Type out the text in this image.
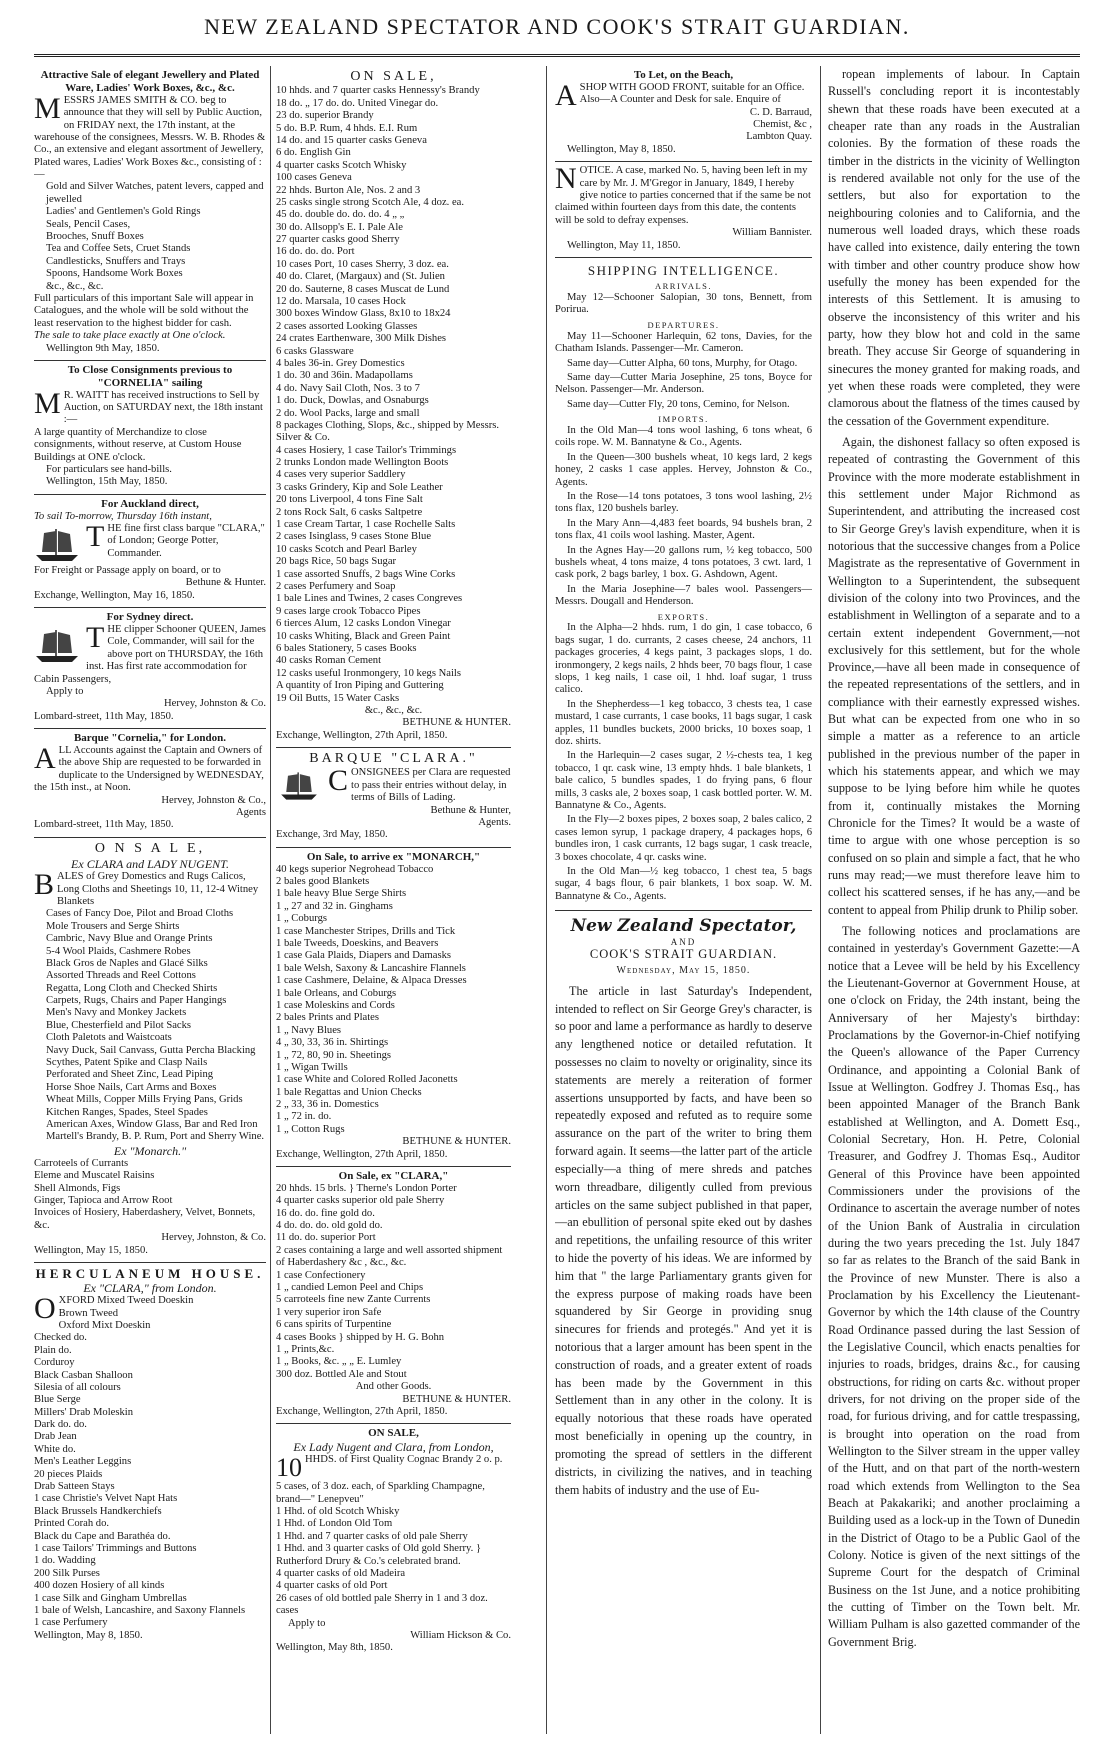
NEW ZEALAND SPECTATOR AND COOK'S STRAIT GUARDIAN.
Attractive Sale of elegant Jewellery and Plated Ware, Ladies' Work Boxes, &c., &c.
MESSRS JAMES SMITH & CO. beg to announce that they will sell by Public Auction, on FRIDAY next, the 17th instant, at the warehouse of the consignees, Messrs. W. B. Rhodes & Co., an extensive and elegant assortment of Jewellery, Plated wares, Ladies' Work Boxes &c., consisting of :—
Gold and Silver Watches, patent levers, capped and jewelled
Ladies' and Gentlemen's Gold Rings
Seals, Pencil Cases,
Brooches, Snuff Boxes
Tea and Coffee Sets, Cruet Stands
Candlesticks, Snuffers and Trays
Spoons, Handsome Work Boxes
&c., &c., &c.
Full particulars of this important Sale will appear in Catalogues, and the whole will be sold without the least reservation to the highest bidder for cash.
The sale to take place exactly at One o'clock.
Wellington 9th May, 1850.
To Close Consignments previous to "CORNELIA" sailing
M R. WAITT has received instructions to Sell by Auction, on SATURDAY next, the 18th instant :—
A large quantity of Merchandize to close consignments, without reserve, at Custom House Buildings at ONE o'clock.
For particulars see hand-bills.
Wellington, 15th May, 1850.
For Auckland direct,
To sail To-morrow, Thursday 16th instant,
THE fine first class barque "CLARA," of London; George Potter, Commander.
For Freight or Passage apply on board, or to
Bethune & Hunter.
Exchange, Wellington, May 16, 1850.
For Sydney direct.
THE clipper Schooner QUEEN, James Cole, Commander, will sail for the above port on THURSDAY, the 16th inst. Has first rate accommodation for Cabin Passengers,
Apply to
Hervey, Johnston & Co.
Lombard-street, 11th May, 1850.
Barque "Cornelia," for London.
ALL Accounts against the Captain and Owners of the above Ship are requested to be forwarded in duplicate to the Undersigned by WEDNESDAY, the 15th inst., at Noon.
Hervey, Johnston & Co.,
Agents
Lombard-street, 11th May, 1850.
O N S A L E,
Ex CLARA and LADY NUGENT.
BALES of Grey Domestics and Rugs Calicos, Long Cloths and Sheetings 10, 11, 12-4 Witney Blankets
Cases of Fancy Doe, Pilot and Broad Cloths
Mole Trousers and Serge Shirts
Cambric, Navy Blue and Orange Prints
5-4 Wool Plaids, Cashmere Robes
Black Gros de Naples and Glacé Silks
Assorted Threads and Reel Cottons
Regatta, Long Cloth and Checked Shirts
Carpets, Rugs, Chairs and Paper Hangings
Men's Navy and Monkey Jackets
Blue, Chesterfield and Pilot Sacks
Cloth Paletots and Waistcoats
Navy Duck, Sail Canvass, Gutta Percha Blacking
Scythes, Patent Spike and Clasp Nails
Perforated and Sheet Zinc, Lead Piping
Horse Shoe Nails, Cart Arms and Boxes
Wheat Mills, Copper Mills Frying Pans, Grids
Kitchen Ranges, Spades, Steel Spades
American Axes, Window Glass, Bar and Red Iron
Martell's Brandy, B. P. Rum, Port and Sherry Wine.
Ex "Monarch."
Carroteels of Currants
Eleme and Muscatel Raisins
Shell Almonds, Figs
Ginger, Tapioca and Arrow Root
Invoices of Hosiery, Haberdashery, Velvet, Bonnets, &c.
Hervey, Johnston, & Co.
Wellington, May 15, 1850.
HERCULANEUM HOUSE.
Ex "CLARA," from London.
O XFORD Mixed Tweed Doeskin
Brown Tweed
Oxford Mixt Doeskin
Checked do.
Plain do.
Corduroy
Black Casban Shalloon
Silesia of all colours
Blue Serge
Millers' Drab Moleskin
Dark do. do.
Drab Jean
White do.
Men's Leather Leggins
20 pieces Plaids
Drab Satteen Stays
1 case Christie's Velvet Napt Hats
Black Brussels Handkerchiefs
Printed Corah do.
Black du Cape and Barathéa do.
1 case Tailors' Trimmings and Buttons
1 do. Wadding
200 Silk Purses
400 dozen Hosiery of all kinds
1 case Silk and Gingham Umbrellas
1 bale of Welsh, Lancashire, and Saxony Flannels
1 case Perfumery
Wellington, May 8, 1850.
ON SALE,
10 hhds. and 7 quarter casks Hennessy's Brandy
18 do. „ 17 do. do. United Vinegar do.
23 do. superior Brandy
5 do. B.P. Rum, 4 hhds. E.I. Rum
14 do. and 15 quarter casks Geneva
6 do. English Gin
4 quarter casks Scotch Whisky
100 cases Geneva
22 hhds. Burton Ale, Nos. 2 and 3
25 casks single strong Scotch Ale, 4 doz. ea.
45 do. double do. do. do. 4 „ „
30 do. Allsopp's E. I. Pale Ale
27 quarter casks good Sherry
16 do. do. do. Port
10 cases Port, 10 cases Sherry, 3 doz. ea.
40 do. Claret, (Margaux) and (St. Julien
20 do. Sauterne, 8 cases Muscat de Lund
12 do. Marsala, 10 cases Hock
300 boxes Window Glass, 8x10 to 18x24
2 cases assorted Looking Glasses
24 crates Earthenware, 300 Milk Dishes
6 casks Glassware
4 bales 36-in. Grey Domestics
1 do. 30 and 36in. Madapollams
4 do. Navy Sail Cloth, Nos. 3 to 7
1 do. Duck, Dowlas, and Osnaburgs
2 do. Wool Packs, large and small
8 packages Clothing, Slops, &c., shipped by Messrs. Silver & Co.
4 cases Hosiery, 1 case Tailor's Trimmings
2 trunks London made Wellington Boots
4 cases very superior Saddlery
3 casks Grindery, Kip and Sole Leather
20 tons Liverpool, 4 tons Fine Salt
2 tons Rock Salt, 6 casks Saltpetre
1 case Cream Tartar, 1 case Rochelle Salts
2 cases Isinglass, 9 cases Stone Blue
10 casks Scotch and Pearl Barley
20 bags Rice, 50 bags Sugar
1 case assorted Snuffs, 2 bags Wine Corks
2 cases Perfumery and Soap
1 bale Lines and Twines, 2 cases Congreves
9 cases large crook Tobacco Pipes
6 tierces Alum, 12 casks London Vinegar
10 casks Whiting, Black and Green Paint
6 bales Stationery, 5 cases Books
40 casks Roman Cement
12 casks useful Ironmongery, 10 kegs Nails
A quantity of Iron Piping and Guttering
19 Oil Butts, 15 Water Casks
&c., &c., &c.
BETHUNE & HUNTER.
Exchange, Wellington, 27th April, 1850.
BARQUE "CLARA."
CONSIGNEES per Clara are requested to pass their entries without delay, in terms of Bills of Lading.
Bethune & Hunter,
Agents.
Exchange, 3rd May, 1850.
On Sale, to arrive ex "MONARCH,"
40 kegs superior Negrohead Tobacco
2 bales good Blankets
1 bale heavy Blue Serge Shirts
1 „ 27 and 32 in. Ginghams
1 „ Coburgs
1 case Manchester Stripes, Drills and Tick
1 bale Tweeds, Doeskins, and Beavers
1 case Gala Plaids, Diapers and Damasks
1 bale Welsh, Saxony & Lancashire Flannels
1 case Cashmere, Delaine, & Alpaca Dresses
1 bale Orleans, and Coburgs
1 case Moleskins and Cords
2 bales Prints and Plates
1 „ Navy Blues
4 „ 30, 33, 36 in. Shirtings
1 „ 72, 80, 90 in. Sheetings
1 „ Wigan Twills
1 case White and Colored Rolled Jaconetts
1 bale Regattas and Union Checks
2 „ 33, 36 in. Domestics
1 „ 72 in. do.
1 „ Cotton Rugs
BETHUNE & HUNTER.
Exchange, Wellington, 27th April, 1850.
On Sale, ex "CLARA,"
20 hhds. 15 brls. } Therne's London Porter
4 quarter casks superior old pale Sherry
16 do. do. fine gold do.
4 do. do. do. old gold do.
11 do. do. superior Port
2 cases containing a large and well assorted shipment of Haberdashery &c , &c., &c.
1 case Confectionery
1 „ candied Lemon Peel and Chips
5 carroteels fine new Zante Currents
1 very superior iron Safe
6 cans spirits of Turpentine
4 cases Books } shipped by H. G. Bohn
1 „ Prints,&c.
1 „ Books, &c. „ „ E. Lumley
300 doz. Bottled Ale and Stout
And other Goods.
BETHUNE & HUNTER.
Exchange, Wellington, 27th April, 1850.
ON SALE,
Ex Lady Nugent and Clara, from London,
10 HHDS. of First Quality Cognac Brandy 2 o. p.
5 cases, of 3 doz. each, of Sparkling Champagne, brand—" Lenepveu"
1 Hhd. of old Scotch Whisky
1 Hhd. of London Old Tom
1 Hhd. and 7 quarter casks of old pale Sherry
1 Hhd. and 3 quarter casks of Old gold Sherry. } Rutherford Drury & Co.'s celebrated brand.
4 quarter casks of old Madeira
4 quarter casks of old Port
26 cases of old bottled pale Sherry in 1 and 3 doz. cases
Apply to
William Hickson & Co.
Wellington, May 8th, 1850.
To Let, on the Beach,
ASHOP WITH GOOD FRONT, suitable for an Office. Also—A Counter and Desk for sale. Enquire of
C. D. Barraud,
Chemist, &c ,
Lambton Quay.
Wellington, May 8, 1850.
NOTICE. A case, marked No. 5, having been left in my care by Mr. J. M'Gregor in January, 1849, I hereby give notice to parties concerned that if the same be not claimed within fourteen days from this date, the contents will be sold to defray expenses.
William Bannister.
Wellington, May 11, 1850.
SHIPPING INTELLIGENCE.
ARRIVALS.
May 12—Schooner Salopian, 30 tons, Bennett, from Porirua.
DEPARTURES.
May 11—Schooner Harlequin, 62 tons, Davies, for the Chatham Islands. Passenger—Mr. Cameron.
Same day—Cutter Alpha, 60 tons, Murphy, for Otago.
Same day—Cutter Maria Josephine, 25 tons, Boyce for Nelson. Passenger—Mr. Anderson.
Same day—Cutter Fly, 20 tons, Cemino, for Nelson.
IMPORTS.
In the Old Man—4 tons wool lashing, 6 tons wheat, 6 coils rope. W. M. Bannatyne & Co., Agents.
In the Queen—300 bushels wheat, 10 kegs lard, 2 kegs honey, 2 casks 1 case apples. Hervey, Johnston & Co., Agents.
In the Rose—14 tons potatoes, 3 tons wool lashing, 2½ tons flax, 120 bushels barley.
In the Mary Ann—4,483 feet boards, 94 bushels bran, 2 tons flax, 41 coils wool lashing. Master, Agent.
In the Agnes Hay—20 gallons rum, ½ keg tobacco, 500 bushels wheat, 4 tons maize, 4 tons potatoes, 3 cwt. lard, 1 cask pork, 2 bags barley, 1 box. G. Ashdown, Agent.
In the Maria Josephine—7 bales wool. Passengers—Messrs. Dougall and Henderson.
EXPORTS.
In the Alpha—2 hhds. rum, 1 do gin, 1 case tobacco, 6 bags sugar, 1 do. currants, 2 cases cheese, 24 anchors, 11 packages groceries, 4 kegs paint, 3 packages slops, 1 do. ironmongery, 2 kegs nails, 2 hhds beer, 70 bags flour, 1 case slops, 1 keg nails, 1 case oil, 1 hhd. loaf sugar, 1 truss calico.
In the Shepherdess—1 keg tobacco, 3 chests tea, 1 case mustard, 1 case currants, 1 case books, 11 bags sugar, 1 cask apples, 11 bundles buckets, 2000 bricks, 10 boxes soap, 1 doz. shirts.
In the Harlequin—2 cases sugar, 2 ½-chests tea, 1 keg tobacco, 1 qr. cask wine, 13 empty hhds. 1 bale blankets, 1 bale calico, 5 bundles spades, 1 do frying pans, 6 flour mills, 3 casks ale, 2 boxes soap, 1 cask bottled porter. W. M. Bannatyne & Co., Agents.
In the Fly—2 boxes pipes, 2 boxes soap, 2 bales calico, 2 cases lemon syrup, 1 package drapery, 4 packages hops, 6 bundles iron, 1 cask currants, 12 bags sugar, 1 cask treacle, 3 boxes chocolate, 4 qr. casks wine.
In the Old Man—½ keg tobacco, 1 chest tea, 5 bags sugar, 4 bags flour, 6 pair blankets, 1 box soap. W. M. Bannatyne & Co., Agents.
New Zealand Spectator,
AND
COOK'S STRAIT GUARDIAN.
Wednesday, May 15, 1850.

The article in last Saturday's Independent, intended to reflect on Sir George Grey's character, is so poor and lame a performance as hardly to deserve any lengthened notice or detailed refutation. It possesses no claim to novelty or originality, since its statements are merely a reiteration of former assertions unsupported by facts, and have been so repeatedly exposed and refuted as to require some assurance on the part of the writer to bring them forward again. It seems—the latter part of the article especially—a thing of mere shreds and patches worn threadbare, diligently culled from previous articles on the same subject published in that paper,—an ebullition of personal spite eked out by dashes and repetitions, the unfailing resource of this writer to hide the poverty of his ideas. We are informed by him that " the large Parliamentary grants given for the express purpose of making roads have been squandered by Sir George in providing snug sinecures for friends and protegés." And yet it is notorious that a larger amount has been spent in the construction of roads, and a greater extent of roads has been made by the Government in this Settlement than in any other in the colony. It is equally notorious that these roads have operated most beneficially in opening up the country, in promoting the spread of settlers in the different districts, in civilizing the natives, and in teaching them habits of industry and the use of Eu-

ropean implements of labour. In Captain Russell's concluding report it is incontestably shewn that these roads have been executed at a cheaper rate than any roads in the Australian colonies. By the formation of these roads the timber in the districts in the vicinity of Wellington is rendered available not only for the use of the settlers, but also for exportation to the neighbouring colonies and to California, and the numerous well loaded drays, which these roads have called into existence, daily entering the town with timber and other country produce show how usefully the money has been expended for the interests of this Settlement. It is amusing to observe the inconsistency of this writer and his party, how they blow hot and cold in the same breath. They accuse Sir George of squandering in sinecures the money granted for making roads, and yet when these roads were completed, they were clamorous about the flatness of the times caused by the cessation of the Government expenditure.

Again, the dishonest fallacy so often exposed is repeated of contrasting the Government of this Province with the more moderate establishment in this settlement under Major Richmond as Superintendent, and attributing the increased cost to Sir George Grey's lavish expenditure, when it is notorious that the successive changes from a Police Magistrate as the representative of Government in Wellington to a Superintendent, the subsequent division of the colony into two Provinces, and the establishment in Wellington of a separate and to a certain extent independent Government,—not exclusively for this settlement, but for the whole Province,—have all been made in consequence of the repeated representations of the settlers, and in compliance with their earnestly expressed wishes. But what can be expected from one who in so simple a matter as a reference to an article published in the previous number of the paper in which his statements appear, and which we may suppose to be lying before him while he quotes from it, continually mistakes the Morning Chronicle for the Times? It would be a waste of time to argue with one whose perception is so confused on so plain and simple a fact, that he who runs may read;—we must therefore leave him to collect his scattered senses, if he has any,—and be content to appeal from Philip drunk to Philip sober.

The following notices and proclamations are contained in yesterday's Government Gazette:—A notice that a Levee will be held by his Excellency the Lieutenant-Governor at Government House, at one o'clock on Friday, the 24th instant, being the Anniversary of her Majesty's birthday: Proclamations by the Governor-in-Chief notifying the Queen's allowance of the Paper Currency Ordinance, and appointing a Colonial Bank of Issue at Wellington. Godfrey J. Thomas Esq., has been appointed Manager of the Branch Bank established at Wellington, and A. Domett Esq., Colonial Secretary, Hon. H. Petre, Colonial Treasurer, and Godfrey J. Thomas Esq., Auditor General of this Province have been appointed Commissioners under the provisions of the Ordinance to ascertain the average number of notes of the Union Bank of Australia in circulation during the two years preceding the 1st. July 1847 so far as relates to the Branch of the said Bank in the Province of new Munster. There is also a Proclamation by his Excellency the Lieutenant-Governor by which the 14th clause of the Country Road Ordinance passed during the last Session of the Legislative Council, which enacts penalties for injuries to roads, bridges, drains &c., for causing obstructions, for riding on carts &c. without proper drivers, for not driving on the proper side of the road, for furious driving, and for cattle trespassing, is brought into operation on the road from Wellington to the Silver stream in the upper valley of the Hutt, and on that part of the north-western road which extends from Wellington to the Sea Beach at Pakakariki; and another proclaiming a Building used as a lock-up in the Town of Dunedin in the District of Otago to be a Public Gaol of the Colony. Notice is given of the next sittings of the Supreme Court for the despatch of Criminal Business on the 1st June, and a notice prohibiting the cutting of Timber on the Town belt. Mr. William Pulham is also gazetted commander of the Government Brig.
